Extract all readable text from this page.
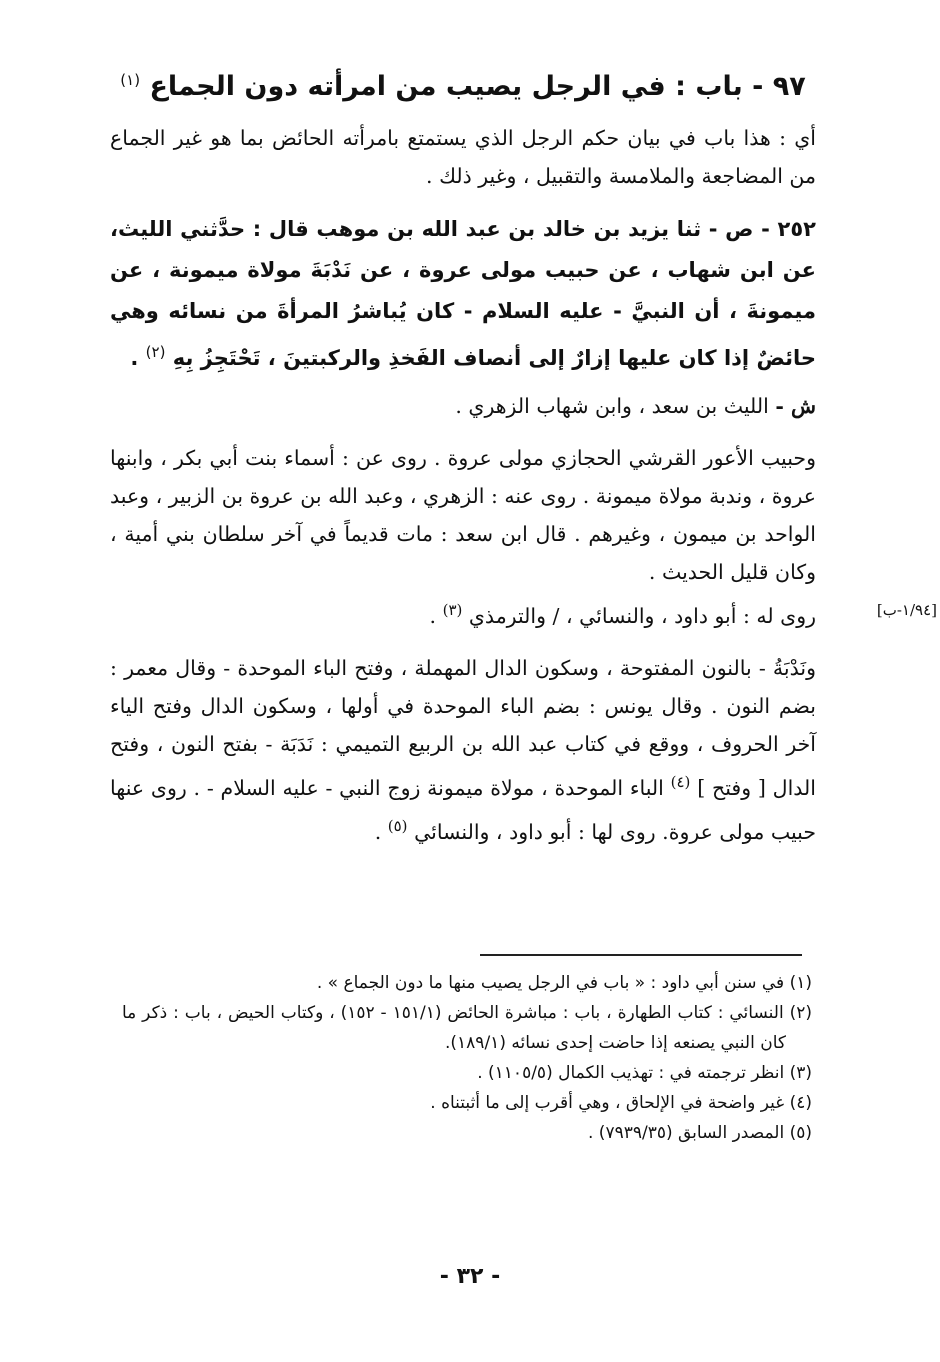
٩٧ - باب : في الرجل يصيب من امرأته دون الجماع $^{(١)}$

أي : هذا باب في بيان حكم الرجل الذي يستمتع بامرأته الحائض بما هو غير الجماع من المضاجعة والملامسة والتقبيل ، وغير ذلك .

٢٥٢ - ص - ثنا يزيد بن خالد بن عبد الله بن موهب قال : حدَّثني الليث، عن ابن شهاب ، عن حبيب مولى عروة ، عن نَدْبَةَ مولاة ميمونة ، عن ميمونةَ ، أن النبيَّ - عليه السلام - كان يُباشرُ المرأةَ من نسائه وهي حائضٌ إذا كان عليها إزارٌ إلى أنصاف الفَخذِ والركبتينَ ، تَحْتَجِزُ بِهِ $^{(٢)}$ .

ش - الليث بن سعد ، وابن شهاب الزهري .

وحبيب الأعور القرشي الحجازي مولى عروة . روى عن : أسماء بنت أبي بكر ، وابنها عروة ، وندبة مولاة ميمونة . روى عنه : الزهري ، وعبد الله بن عروة بن الزبير ، وعبد الواحد بن ميمون ، وغيرهم . قال ابن سعد : مات قديماً في آخر سلطان بني أمية ، وكان قليل الحديث .

[١/٩٤-ب]
روى له : أبو داود ، والنسائي ، / والترمذي $^{(٣)}$ .

ونَدْبَةُ - بالنون المفتوحة ، وسكون الدال المهملة ، وفتح الباء الموحدة - وقال معمر : بضم النون . وقال يونس : بضم الباء الموحدة في أولها ، وسكون الدال وفتح الياء آخر الحروف ، ووقع في كتاب عبد الله بن الربيع التميمي : نَدَبَة - بفتح النون ، وفتح الدال [ وفتح ] $^{(٤)}$ الباء الموحدة ، مولاة ميمونة زوج النبي - عليه السلام - . روى عنها حبيب مولى عروة. روى لها : أبو داود ، والنسائي $^{(٥)}$ .

(١) في سنن أبي داود : « باب في الرجل يصيب منها ما دون الجماع » .

(٢) النسائي : كتاب الطهارة ، باب : مباشرة الحائض (١٥١/١ - ١٥٢) ، وكتاب الحيض ، باب : ذكر ما كان النبي يصنعه إذا حاضت إحدى نسائه (١٨٩/١).

(٣) انظر ترجمته في : تهذيب الكمال (١١٠٥/٥) .

(٤) غير واضحة في الإلحاق ، وهي أقرب إلى ما أثبتناه .

(٥) المصدر السابق (٧٩٣٩/٣٥) .

- ٣٢ -
